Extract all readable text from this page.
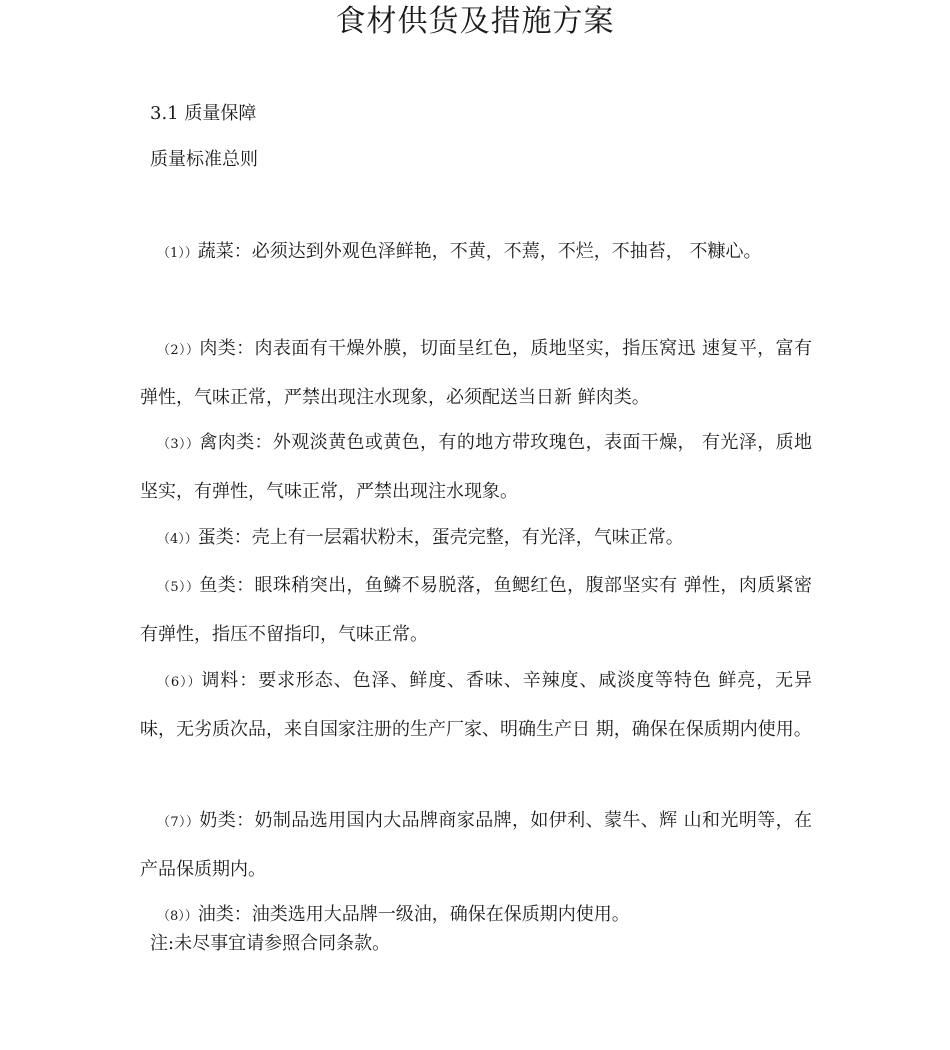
食材供货及措施方案
3.1 质量保障
质量标准总则

（1））蔬菜：必须达到外观色泽鲜艳，不黄，不蔫，不烂，不抽苔， 不糠心。

（2））肉类：肉表面有干燥外膜，切面呈红色，质地坚实，指压窝迅 速复平，富有弹性，气味正常，严禁出现注水现象，必须配送当日新 鲜肉类。

（3））禽肉类：外观淡黄色或黄色，有的地方带玫瑰色，表面干燥， 有光泽，质地坚实，有弹性，气味正常，严禁出现注水现象。

（4））蛋类：壳上有一层霜状粉末，蛋壳完整，有光泽，气味正常。

（5））鱼类：眼珠稍突出，鱼鳞不易脱落，鱼鳃红色，腹部坚实有 弹性，肉质紧密有弹性，指压不留指印，气味正常。

（6））调料：要求形态、色泽、鲜度、香味、辛辣度、咸淡度等特色 鲜亮，无异味，无劣质次品，来自国家注册的生产厂家、明确生产日 期，确保在保质期内使用。

（7））奶类：奶制品选用国内大品牌商家品牌，如伊利、蒙牛、辉 山和光明等，在产品保质期内。

（8））油类：油类选用大品牌一级油，确保在保质期内使用。

注:未尽事宜请参照合同条款。
